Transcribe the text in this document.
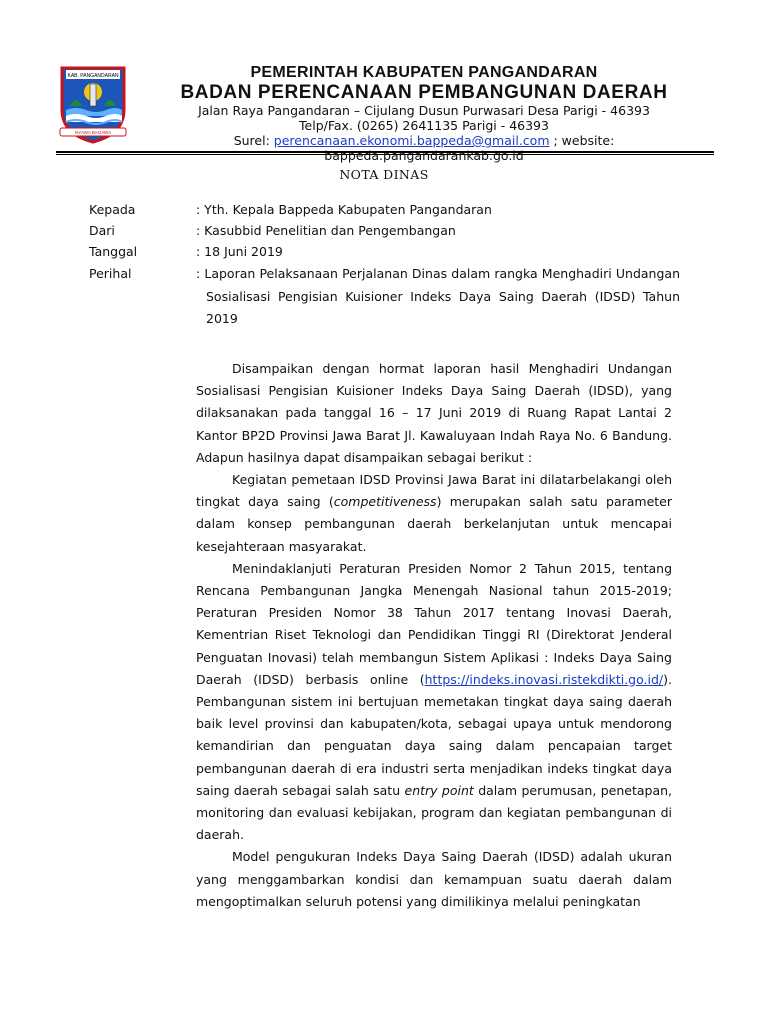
KAB. PANGANDARAN
NYAWA BAGAWA
PEMERINTAH KABUPATEN PANGANDARAN
BADAN PERENCANAAN PEMBANGUNAN DAERAH
Jalan Raya Pangandaran – Cijulang Dusun Purwasari Desa Parigi - 46393
Telp/Fax. (0265) 2641135 Parigi - 46393
Surel: perencanaan.ekonomi.bappeda@gmail.com ; website: bappeda.pangandarankab.go.id
NOTA DINAS
Kepada	: Yth. Kepala Bappeda Kabupaten Pangandaran
Dari	: Kasubbid Penelitian dan Pengembangan
Tanggal	: 18 Juni 2019
Perihal	: Laporan Pelaksanaan Perjalanan Dinas dalam rangka Menghadiri Undangan
Sosialisasi Pengisian Kuisioner Indeks Daya Saing Daerah (IDSD) Tahun
2019

Disampaikan dengan hormat laporan hasil Menghadiri Undangan Sosialisasi Pengisian Kuisioner Indeks Daya Saing Daerah (IDSD), yang dilaksanakan pada tanggal 16 – 17 Juni 2019 di Ruang Rapat Lantai 2 Kantor BP2D Provinsi Jawa Barat Jl. Kawaluyaan Indah Raya No. 6 Bandung. Adapun hasilnya dapat disampaikan sebagai berikut :

Kegiatan pemetaan IDSD Provinsi Jawa Barat ini dilatarbelakangi oleh tingkat daya saing (competitiveness) merupakan salah satu parameter dalam konsep pembangunan daerah berkelanjutan untuk mencapai kesejahteraan masyarakat.

Menindaklanjuti Peraturan Presiden Nomor 2 Tahun 2015, tentang Rencana Pembangunan Jangka Menengah Nasional tahun 2015-2019; Peraturan Presiden Nomor 38 Tahun 2017 tentang Inovasi Daerah, Kementrian Riset Teknologi dan Pendidikan Tinggi RI (Direktorat Jenderal Penguatan Inovasi) telah membangun Sistem Aplikasi : Indeks Daya Saing Daerah (IDSD) berbasis online (https://indeks.inovasi.ristekdikti.go.id/). Pembangunan sistem ini bertujuan memetakan tingkat daya saing daerah baik level provinsi dan kabupaten/kota, sebagai upaya untuk mendorong kemandirian dan penguatan daya saing dalam pencapaian target pembangunan daerah di era industri serta menjadikan indeks tingkat daya saing daerah sebagai salah satu entry point dalam perumusan, penetapan, monitoring dan evaluasi kebijakan, program dan kegiatan pembangunan di daerah.

Model pengukuran Indeks Daya Saing Daerah (IDSD) adalah ukuran yang menggambarkan kondisi dan kemampuan suatu daerah dalam mengoptimalkan seluruh potensi yang dimilikinya melalui peningkatan
